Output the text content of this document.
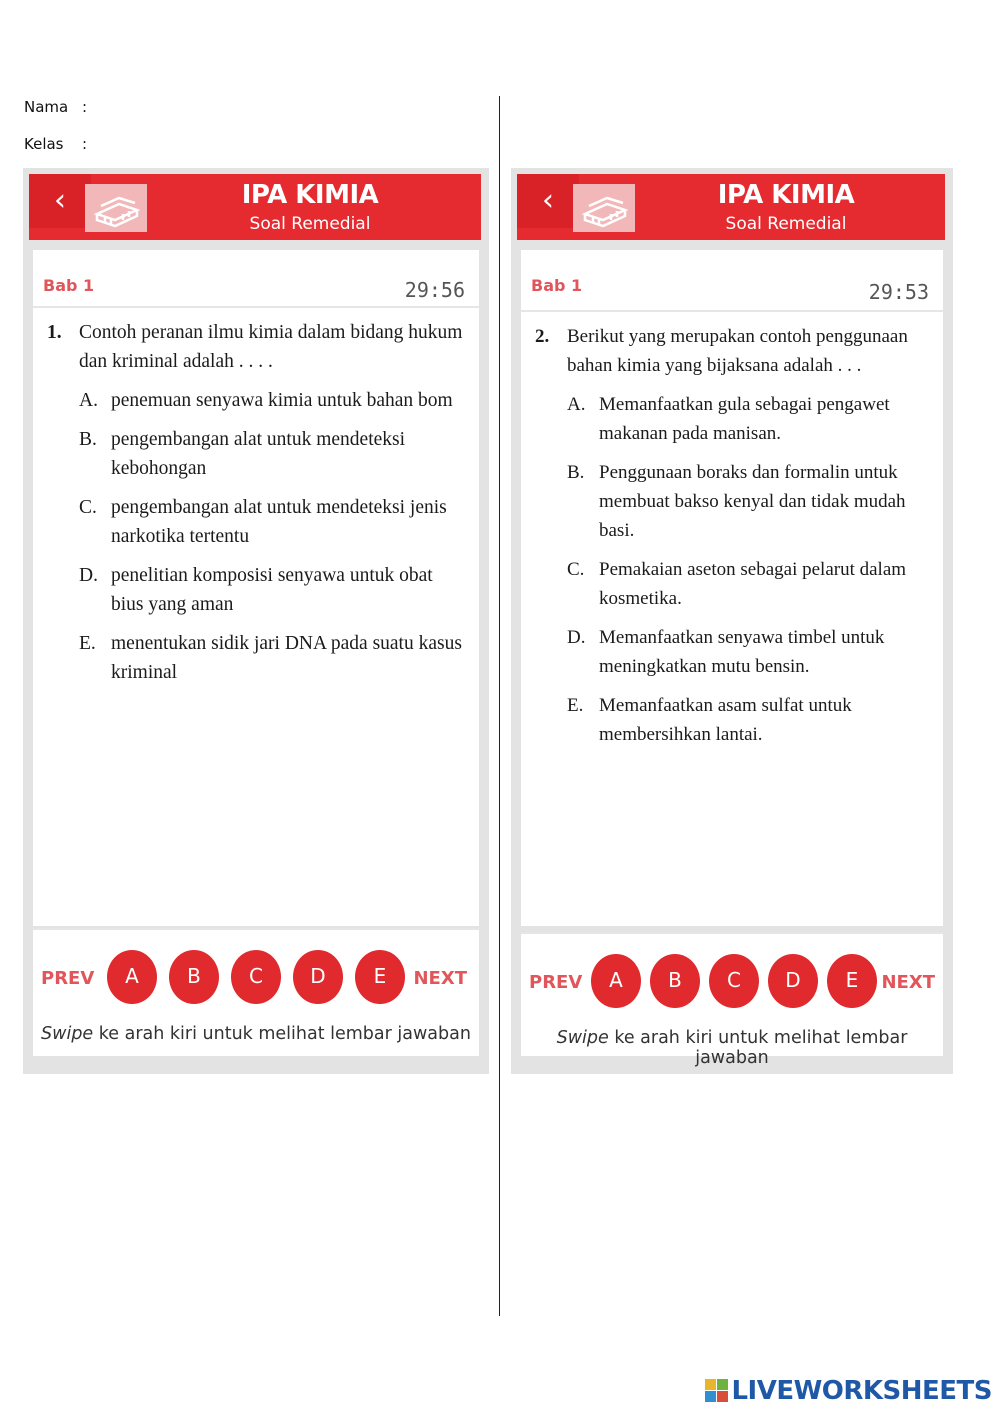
Nama :
Kelas :
‹	IPA KIMIA
Soal Remedial
Bab 1	29:56
1. Contoh peranan ilmu kimia dalam bidang hukum dan kriminal adalah . . . .
A. penemuan senyawa kimia untuk bahan bom
B. pengembangan alat untuk mendeteksi kebohongan
C. pengembangan alat untuk mendeteksi jenis narkotika tertentu
D. penelitian komposisi senyawa untuk obat bius yang aman
E. menentukan sidik jari DNA pada suatu kasus kriminal
PREV	A	B	C	D	E	NEXT
Swipe ke arah kiri untuk melihat lembar jawaban
‹	IPA KIMIA
Soal Remedial
Bab 1	29:53
2. Berikut yang merupakan contoh penggunaan bahan kimia yang bijaksana adalah . . .
A. Memanfaatkan gula sebagai pengawet makanan pada manisan.
B. Penggunaan boraks dan formalin untuk membuat bakso kenyal dan tidak mudah basi.
C. Pemakaian aseton sebagai pelarut dalam kosmetika.
D. Memanfaatkan senyawa timbel untuk meningkatkan mutu bensin.
E. Memanfaatkan asam sulfat untuk membersihkan lantai.
PREV	A	B	C	D	E	NEXT
Swipe ke arah kiri untuk melihat lembar jawaban
LIVEWORKSHEETS
